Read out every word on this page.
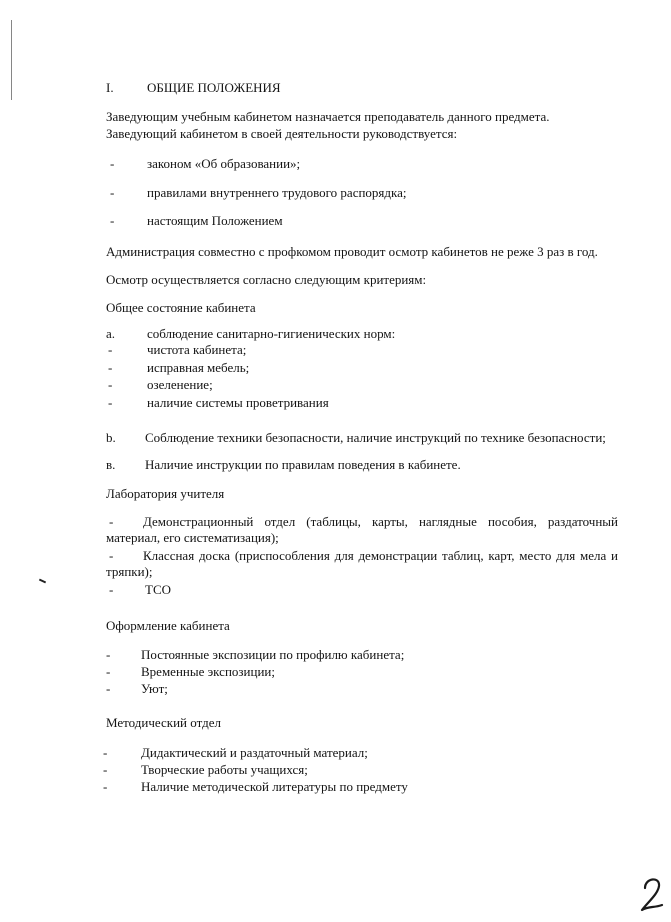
I.	ОБЩИЕ ПОЛОЖЕНИЯ
Заведующим учебным кабинетом назначается преподаватель данного предмета.
Заведующий кабинетом в своей деятельности руководствуется:
-	законом «Об образовании»;
-	правилами внутреннего трудового распорядка;
-	настоящим Положением
Администрация совместно с профкомом проводит осмотр кабинетов не реже 3 раз в год.
Осмотр осуществляется согласно следующим критериям:
Общее состояние кабинета
a. соблюдение санитарно-гигиенических норм:
-	чистота кабинета;
-	исправная мебель;
-	озеленение;
-	наличие системы проветривания
b. Соблюдение техники безопасности, наличие инструкций по технике безопасности;
в. Наличие инструкции по правилам поведения в кабинете.
Лаборатория учителя
-	Демонстрационный отдел (таблицы, карты, наглядные пособия, раздаточный
материал, его систематизация);
-	Классная доска (приспособления для демонстрации таблиц, карт, место для мела и
тряпки);
- ТСО
Оформление кабинета
- Постоянные экспозиции по профилю кабинета;
- Временные экспозиции;
- Уют;
Методический отдел
-	Дидактический и раздаточный материал;
-	Творческие работы учащихся;
-	Наличие методической литературы по предмету
